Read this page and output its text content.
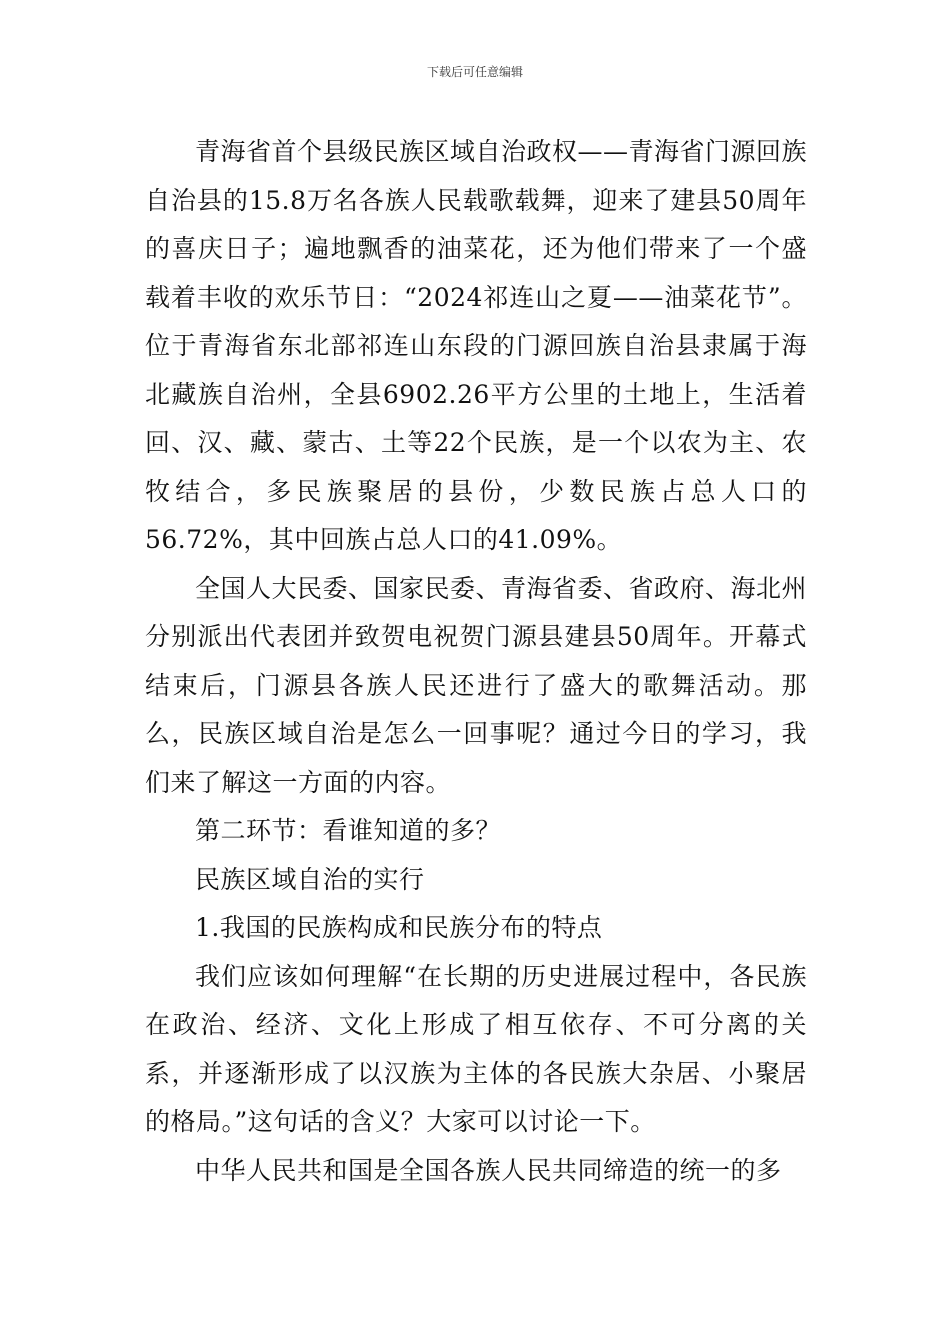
下载后可任意编辑

青海省首个县级民族区域自治政权——青海省门源回族自治县的15.8万名各族人民载歌载舞，迎来了建县50周年的喜庆日子；遍地飘香的油菜花，还为他们带来了一个盛载着丰收的欢乐节日：“2024祁连山之夏——油菜花节”。位于青海省东北部祁连山东段的门源回族自治县隶属于海北藏族自治州，全县6902.26平方公里的土地上，生活着回、汉、藏、蒙古、土等22个民族，是一个以农为主、农牧结合，多民族聚居的县份，少数民族占总人口的56.72%，其中回族占总人口的41.09%。

全国人大民委、国家民委、青海省委、省政府、海北州分别派出代表团并致贺电祝贺门源县建县50周年。开幕式结束后，门源县各族人民还进行了盛大的歌舞活动。那么，民族区域自治是怎么一回事呢？通过今日的学习，我们来了解这一方面的内容。

第二环节：看谁知道的多？

民族区域自治的实行

1.我国的民族构成和民族分布的特点

我们应该如何理解“在长期的历史进展过程中，各民族在政治、经济、文化上形成了相互依存、不可分离的关系，并逐渐形成了以汉族为主体的各民族大杂居、小聚居的格局。”这句话的含义？大家可以讨论一下。

中华人民共和国是全国各族人民共同缔造的统一的多
